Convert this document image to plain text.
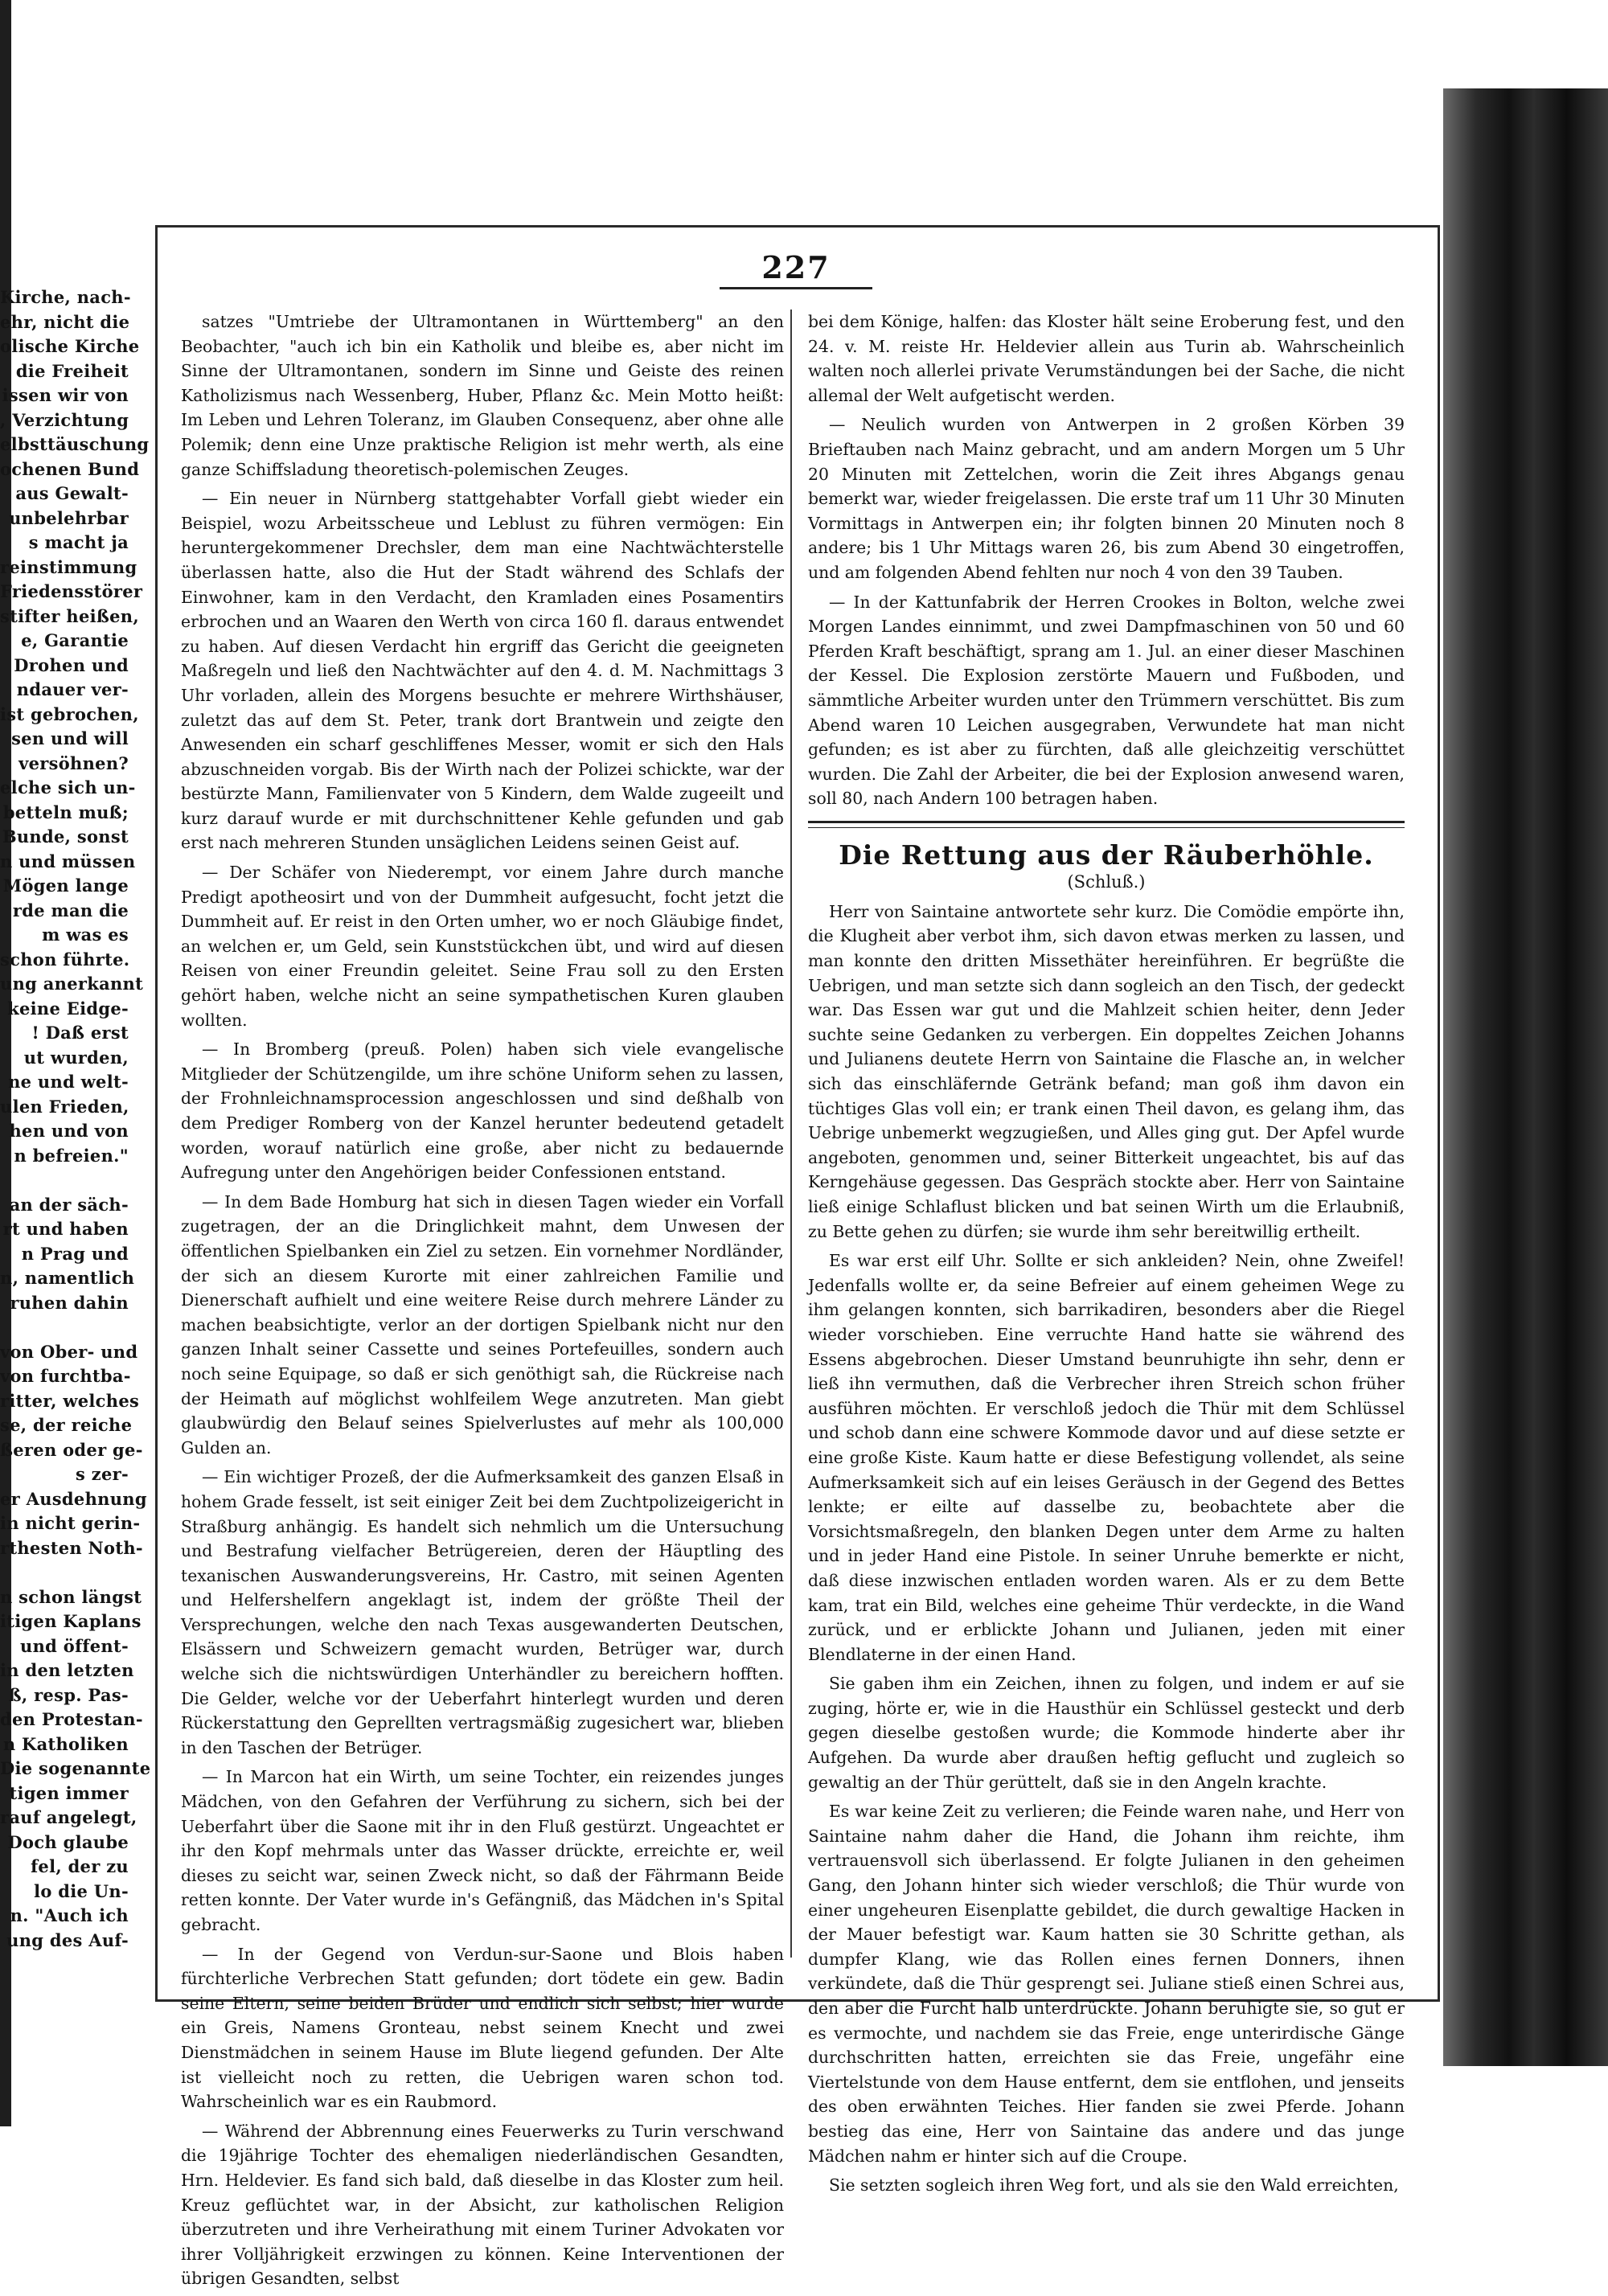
Kirche, nach-
ehr, nicht die
olische Kirche
die Freiheit
issen wir von
, Verzichtung
elbsttäuschung
ochenen Bund
aus Gewalt-
unbelehrbar
s macht ja
reinstimmung
Friedensstörer
stifter heißen,
e, Garantie
Drohen und
ndauer ver-
ist gebrochen,
sen und will
versöhnen?
elche sich un-
betteln muß;
Bunde, sonst
n und müssen
Mögen lange
rde man die
m was es
schon führte.
ung anerkannt
keine Eidge-
! Daß erst
ut wurden,
ne und welt-
ulen Frieden,
hen und von
n befreien."
an der säch-
rt und haben
n Prag und
n, namentlich
ruhen dahin
von Ober- und
von furchtba-
ritter, welches
se, der reiche
ßeren oder ge-
s zer-
er Ausdehnung
in nicht gerin-
rthesten Noth-
n schon längst
itigen Kaplans
und öffent-
in den letzten
ß, resp. Pas-
den Protestan-
n Katholiken
Die sogenannte
tigen immer
rauf angelegt,
Doch glaube
fel, der zu
lo die Un-
n. "Auch ich
ung des Auf-
227

satzes "Umtriebe der Ultramontanen in Württemberg" an den Beobachter, "auch ich bin ein Katholik und bleibe es, aber nicht im Sinne der Ultramontanen, sondern im Sinne und Geiste des reinen Katholizismus nach Wessenberg, Huber, Pflanz &c. Mein Motto heißt: Im Leben und Lehren Toleranz, im Glauben Consequenz, aber ohne alle Polemik; denn eine Unze praktische Religion ist mehr werth, als eine ganze Schiffsladung theoretisch-polemischen Zeuges.

— Ein neuer in Nürnberg stattgehabter Vorfall giebt wieder ein Beispiel, wozu Arbeitsscheue und Leblust zu führen vermögen: Ein heruntergekommener Drechsler, dem man eine Nachtwächterstelle überlassen hatte, also die Hut der Stadt während des Schlafs der Einwohner, kam in den Verdacht, den Kramladen eines Posamentirs erbrochen und an Waaren den Werth von circa 160 fl. daraus entwendet zu haben. Auf diesen Verdacht hin ergriff das Gericht die geeigneten Maßregeln und ließ den Nachtwächter auf den 4. d. M. Nachmittags 3 Uhr vorladen, allein des Morgens besuchte er mehrere Wirthshäuser, zuletzt das auf dem St. Peter, trank dort Brantwein und zeigte den Anwesenden ein scharf geschliffenes Messer, womit er sich den Hals abzuschneiden vorgab. Bis der Wirth nach der Polizei schickte, war der bestürzte Mann, Familienvater von 5 Kindern, dem Walde zugeeilt und kurz darauf wurde er mit durchschnittener Kehle gefunden und gab erst nach mehreren Stunden unsäglichen Leidens seinen Geist auf.

— Der Schäfer von Niederempt, vor einem Jahre durch manche Predigt apotheosirt und von der Dummheit aufgesucht, focht jetzt die Dummheit auf. Er reist in den Orten umher, wo er noch Gläubige findet, an welchen er, um Geld, sein Kunststückchen übt, und wird auf diesen Reisen von einer Freundin geleitet. Seine Frau soll zu den Ersten gehört haben, welche nicht an seine sympathetischen Kuren glauben wollten.

— In Bromberg (preuß. Polen) haben sich viele evangelische Mitglieder der Schützengilde, um ihre schöne Uniform sehen zu lassen, der Frohnleichnamsprocession angeschlossen und sind deßhalb von dem Prediger Romberg von der Kanzel herunter bedeutend getadelt worden, worauf natürlich eine große, aber nicht zu bedauernde Aufregung unter den Angehörigen beider Confessionen entstand.

— In dem Bade Homburg hat sich in diesen Tagen wieder ein Vorfall zugetragen, der an die Dringlichkeit mahnt, dem Unwesen der öffentlichen Spielbanken ein Ziel zu setzen. Ein vornehmer Nordländer, der sich an diesem Kurorte mit einer zahlreichen Familie und Dienerschaft aufhielt und eine weitere Reise durch mehrere Länder zu machen beabsichtigte, verlor an der dortigen Spielbank nicht nur den ganzen Inhalt seiner Cassette und seines Portefeuilles, sondern auch noch seine Equipage, so daß er sich genöthigt sah, die Rückreise nach der Heimath auf möglichst wohlfeilem Wege anzutreten. Man giebt glaubwürdig den Belauf seines Spielverlustes auf mehr als 100,000 Gulden an.

— Ein wichtiger Prozeß, der die Aufmerksamkeit des ganzen Elsaß in hohem Grade fesselt, ist seit einiger Zeit bei dem Zuchtpolizeigericht in Straßburg anhängig. Es handelt sich nehmlich um die Untersuchung und Bestrafung vielfacher Betrügereien, deren der Häuptling des texanischen Auswanderungsvereins, Hr. Castro, mit seinen Agenten und Helfershelfern angeklagt ist, indem der größte Theil der Versprechungen, welche den nach Texas ausgewanderten Deutschen, Elsässern und Schweizern gemacht wurden, Betrüger war, durch welche sich die nichtswürdigen Unterhändler zu bereichern hofften. Die Gelder, welche vor der Ueberfahrt hinterlegt wurden und deren Rückerstattung den Geprellten vertragsmäßig zugesichert war, blieben in den Taschen der Betrüger.

— In Marcon hat ein Wirth, um seine Tochter, ein reizendes junges Mädchen, von den Gefahren der Verführung zu sichern, sich bei der Ueberfahrt über die Saone mit ihr in den Fluß gestürzt. Ungeachtet er ihr den Kopf mehrmals unter das Wasser drückte, erreichte er, weil dieses zu seicht war, seinen Zweck nicht, so daß der Fährmann Beide retten konnte. Der Vater wurde in's Gefängniß, das Mädchen in's Spital gebracht.

— In der Gegend von Verdun-sur-Saone und Blois haben fürchterliche Verbrechen Statt gefunden; dort tödete ein gew. Badin seine Eltern, seine beiden Brüder und endlich sich selbst; hier wurde ein Greis, Namens Gronteau, nebst seinem Knecht und zwei Dienstmädchen in seinem Hause im Blute liegend gefunden. Der Alte ist vielleicht noch zu retten, die Uebrigen waren schon tod. Wahrscheinlich war es ein Raubmord.

— Während der Abbrennung eines Feuerwerks zu Turin verschwand die 19jährige Tochter des ehemaligen niederländischen Gesandten, Hrn. Heldevier. Es fand sich bald, daß dieselbe in das Kloster zum heil. Kreuz geflüchtet war, in der Absicht, zur katholischen Religion überzutreten und ihre Verheirathung mit einem Turiner Advokaten vor ihrer Volljährigkeit erzwingen zu können. Keine Interventionen der übrigen Gesandten, selbst

bei dem Könige, halfen: das Kloster hält seine Eroberung fest, und den 24. v. M. reiste Hr. Heldevier allein aus Turin ab. Wahrscheinlich walten noch allerlei private Verumständungen bei der Sache, die nicht allemal der Welt aufgetischt werden.

— Neulich wurden von Antwerpen in 2 großen Körben 39 Brieftauben nach Mainz gebracht, und am andern Morgen um 5 Uhr 20 Minuten mit Zettelchen, worin die Zeit ihres Abgangs genau bemerkt war, wieder freigelassen. Die erste traf um 11 Uhr 30 Minuten Vormittags in Antwerpen ein; ihr folgten binnen 20 Minuten noch 8 andere; bis 1 Uhr Mittags waren 26, bis zum Abend 30 eingetroffen, und am folgenden Abend fehlten nur noch 4 von den 39 Tauben.

— In der Kattunfabrik der Herren Crookes in Bolton, welche zwei Morgen Landes einnimmt, und zwei Dampfmaschinen von 50 und 60 Pferden Kraft beschäftigt, sprang am 1. Jul. an einer dieser Maschinen der Kessel. Die Explosion zerstörte Mauern und Fußboden, und sämmtliche Arbeiter wurden unter den Trümmern verschüttet. Bis zum Abend waren 10 Leichen ausgegraben, Verwundete hat man nicht gefunden; es ist aber zu fürchten, daß alle gleichzeitig verschüttet wurden. Die Zahl der Arbeiter, die bei der Explosion anwesend waren, soll 80, nach Andern 100 betragen haben.

Die Rettung aus der Räuberhöhle.
(Schluß.)

Herr von Saintaine antwortete sehr kurz. Die Comödie empörte ihn, die Klugheit aber verbot ihm, sich davon etwas merken zu lassen, und man konnte den dritten Missethäter hereinführen. Er begrüßte die Uebrigen, und man setzte sich dann sogleich an den Tisch, der gedeckt war. Das Essen war gut und die Mahlzeit schien heiter, denn Jeder suchte seine Gedanken zu verbergen. Ein doppeltes Zeichen Johanns und Julianens deutete Herrn von Saintaine die Flasche an, in welcher sich das einschläfernde Getränk befand; man goß ihm davon ein tüchtiges Glas voll ein; er trank einen Theil davon, es gelang ihm, das Uebrige unbemerkt wegzugießen, und Alles ging gut. Der Apfel wurde angeboten, genommen und, seiner Bitterkeit ungeachtet, bis auf das Kerngehäuse gegessen. Das Gespräch stockte aber. Herr von Saintaine ließ einige Schlaflust blicken und bat seinen Wirth um die Erlaubniß, zu Bette gehen zu dürfen; sie wurde ihm sehr bereitwillig ertheilt.

Es war erst eilf Uhr. Sollte er sich ankleiden? Nein, ohne Zweifel! Jedenfalls wollte er, da seine Befreier auf einem geheimen Wege zu ihm gelangen konnten, sich barrikadiren, besonders aber die Riegel wieder vorschieben. Eine verruchte Hand hatte sie während des Essens abgebrochen. Dieser Umstand beunruhigte ihn sehr, denn er ließ ihn vermuthen, daß die Verbrecher ihren Streich schon früher ausführen möchten. Er verschloß jedoch die Thür mit dem Schlüssel und schob dann eine schwere Kommode davor und auf diese setzte er eine große Kiste. Kaum hatte er diese Befestigung vollendet, als seine Aufmerksamkeit sich auf ein leises Geräusch in der Gegend des Bettes lenkte; er eilte auf dasselbe zu, beobachtete aber die Vorsichtsmaßregeln, den blanken Degen unter dem Arme zu halten und in jeder Hand eine Pistole. In seiner Unruhe bemerkte er nicht, daß diese inzwischen entladen worden waren. Als er zu dem Bette kam, trat ein Bild, welches eine geheime Thür verdeckte, in die Wand zurück, und er erblickte Johann und Julianen, jeden mit einer Blendlaterne in der einen Hand.

Sie gaben ihm ein Zeichen, ihnen zu folgen, und indem er auf sie zuging, hörte er, wie in die Hausthür ein Schlüssel gesteckt und derb gegen dieselbe gestoßen wurde; die Kommode hinderte aber ihr Aufgehen. Da wurde aber draußen heftig geflucht und zugleich so gewaltig an der Thür gerüttelt, daß sie in den Angeln krachte.

Es war keine Zeit zu verlieren; die Feinde waren nahe, und Herr von Saintaine nahm daher die Hand, die Johann ihm reichte, ihm vertrauensvoll sich überlassend. Er folgte Julianen in den geheimen Gang, den Johann hinter sich wieder verschloß; die Thür wurde von einer ungeheuren Eisenplatte gebildet, die durch gewaltige Hacken in der Mauer befestigt war. Kaum hatten sie 30 Schritte gethan, als dumpfer Klang, wie das Rollen eines fernen Donners, ihnen verkündete, daß die Thür gesprengt sei. Juliane stieß einen Schrei aus, den aber die Furcht halb unterdrückte. Johann beruhigte sie, so gut er es vermochte, und nachdem sie das Freie, enge unterirdische Gänge durchschritten hatten, erreichten sie das Freie, ungefähr eine Viertelstunde von dem Hause entfernt, dem sie entflohen, und jenseits des oben erwähnten Teiches. Hier fanden sie zwei Pferde. Johann bestieg das eine, Herr von Saintaine das andere und das junge Mädchen nahm er hinter sich auf die Croupe.

Sie setzten sogleich ihren Weg fort, und als sie den Wald erreichten,
